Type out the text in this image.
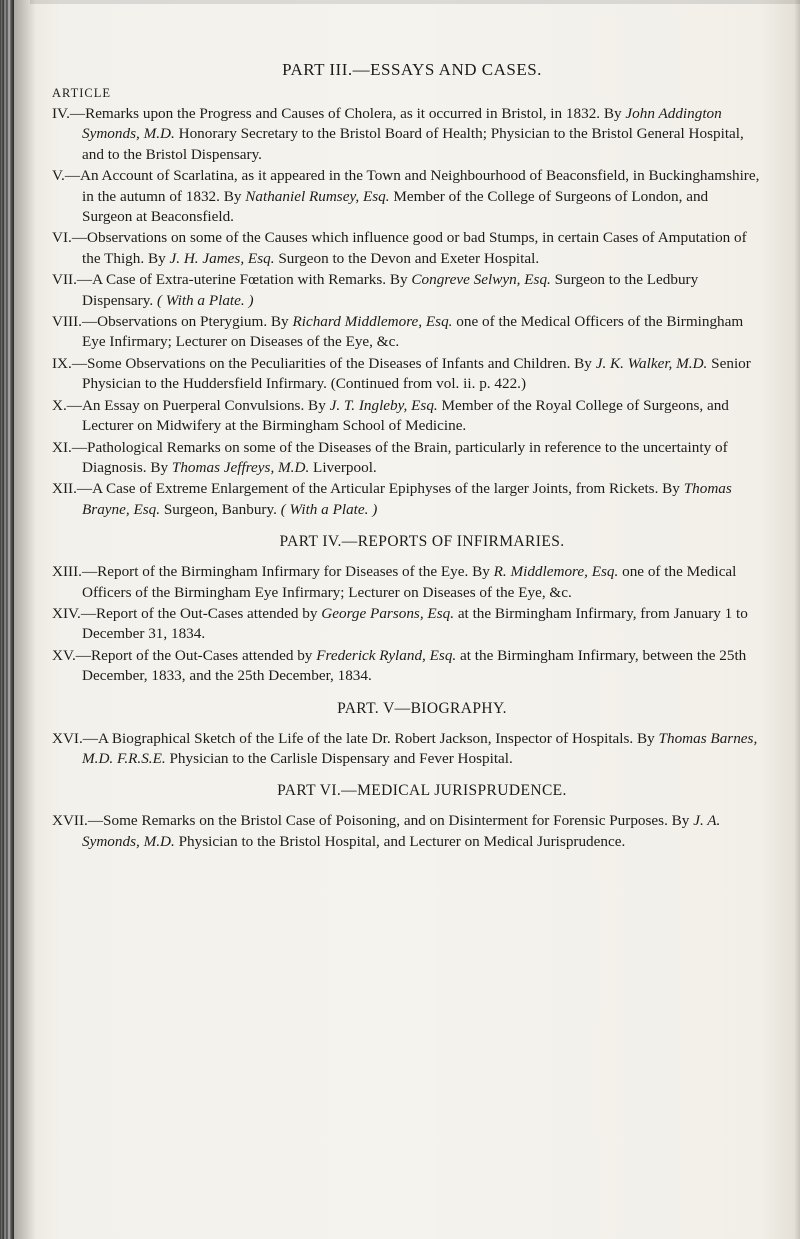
PART III.—ESSAYS AND CASES.
ARTICLE

IV.—Remarks upon the Progress and Causes of Cholera, as it occurred in Bristol, in 1832. By John Addington Symonds, M.D. Honorary Secretary to the Bristol Board of Health; Physician to the Bristol General Hospital, and to the Bristol Dispensary.

V.—An Account of Scarlatina, as it appeared in the Town and Neighbourhood of Beaconsfield, in Buckinghamshire, in the autumn of 1832. By Nathaniel Rumsey, Esq. Member of the College of Surgeons of London, and Surgeon at Beaconsfield.

VI.—Observations on some of the Causes which influence good or bad Stumps, in certain Cases of Amputation of the Thigh. By J. H. James, Esq. Surgeon to the Devon and Exeter Hospital.

VII.—A Case of Extra-uterine Fœtation with Remarks. By Congreve Selwyn, Esq. Surgeon to the Ledbury Dispensary. ( With a Plate. )

VIII.—Observations on Pterygium. By Richard Middlemore, Esq. one of the Medical Officers of the Birmingham Eye Infirmary; Lecturer on Diseases of the Eye, &c.

IX.—Some Observations on the Peculiarities of the Diseases of Infants and Children. By J. K. Walker, M.D. Senior Physician to the Huddersfield Infirmary. (Continued from vol. ii. p. 422.)

X.—An Essay on Puerperal Convulsions. By J. T. Ingleby, Esq. Member of the Royal College of Surgeons, and Lecturer on Midwifery at the Birmingham School of Medicine.

XI.—Pathological Remarks on some of the Diseases of the Brain, particularly in reference to the uncertainty of Diagnosis. By Thomas Jeffreys, M.D. Liverpool.

XII.—A Case of Extreme Enlargement of the Articular Epiphyses of the larger Joints, from Rickets. By Thomas Brayne, Esq. Surgeon, Banbury. ( With a Plate. )

PART IV.—REPORTS OF INFIRMARIES.

XIII.—Report of the Birmingham Infirmary for Diseases of the Eye. By R. Middlemore, Esq. one of the Medical Officers of the Birmingham Eye Infirmary; Lecturer on Diseases of the Eye, &c.

XIV.—Report of the Out-Cases attended by George Parsons, Esq. at the Birmingham Infirmary, from January 1 to December 31, 1834.

XV.—Report of the Out-Cases attended by Frederick Ryland, Esq. at the Birmingham Infirmary, between the 25th December, 1833, and the 25th December, 1834.

PART. V—BIOGRAPHY.

XVI.—A Biographical Sketch of the Life of the late Dr. Robert Jackson, Inspector of Hospitals. By Thomas Barnes, M.D. F.R.S.E. Physician to the Carlisle Dispensary and Fever Hospital.

PART VI.—MEDICAL JURISPRUDENCE.

XVII.—Some Remarks on the Bristol Case of Poisoning, and on Disinterment for Forensic Purposes. By J. A. Symonds, M.D. Physician to the Bristol Hospital, and Lecturer on Medical Jurisprudence.
